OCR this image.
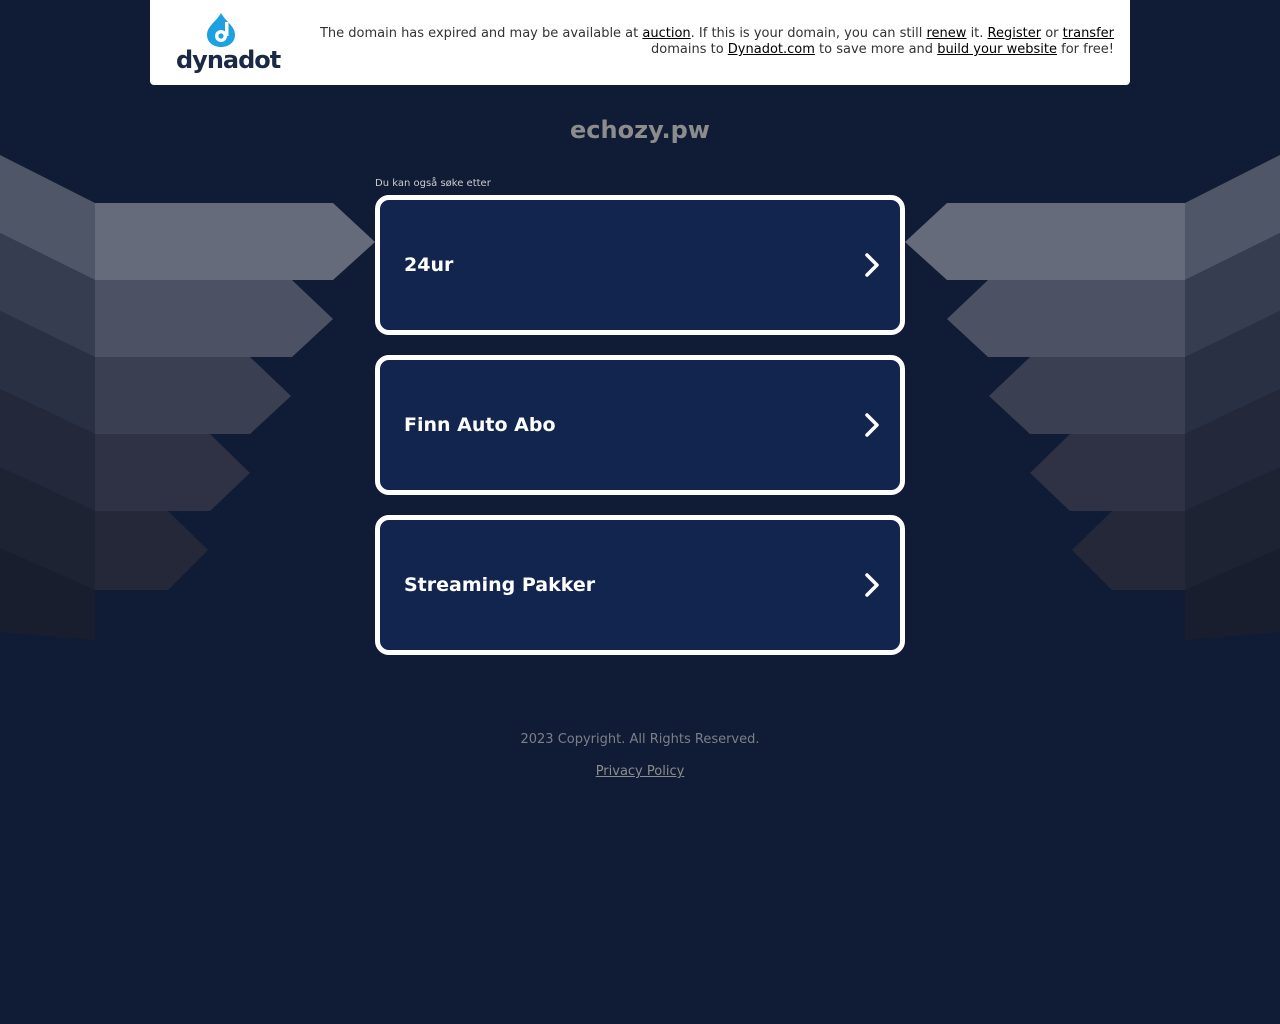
dynadot
The domain has expired and may be available at auction. If this is your domain, you can still renew it. Register or transfer domains to Dynadot.com to save more and build your website for free!
echozy.pw
Du kan også søke etter
24ur
Finn Auto Abo
Streaming Pakker
2023 Copyright. All Rights Reserved.
Privacy Policy
